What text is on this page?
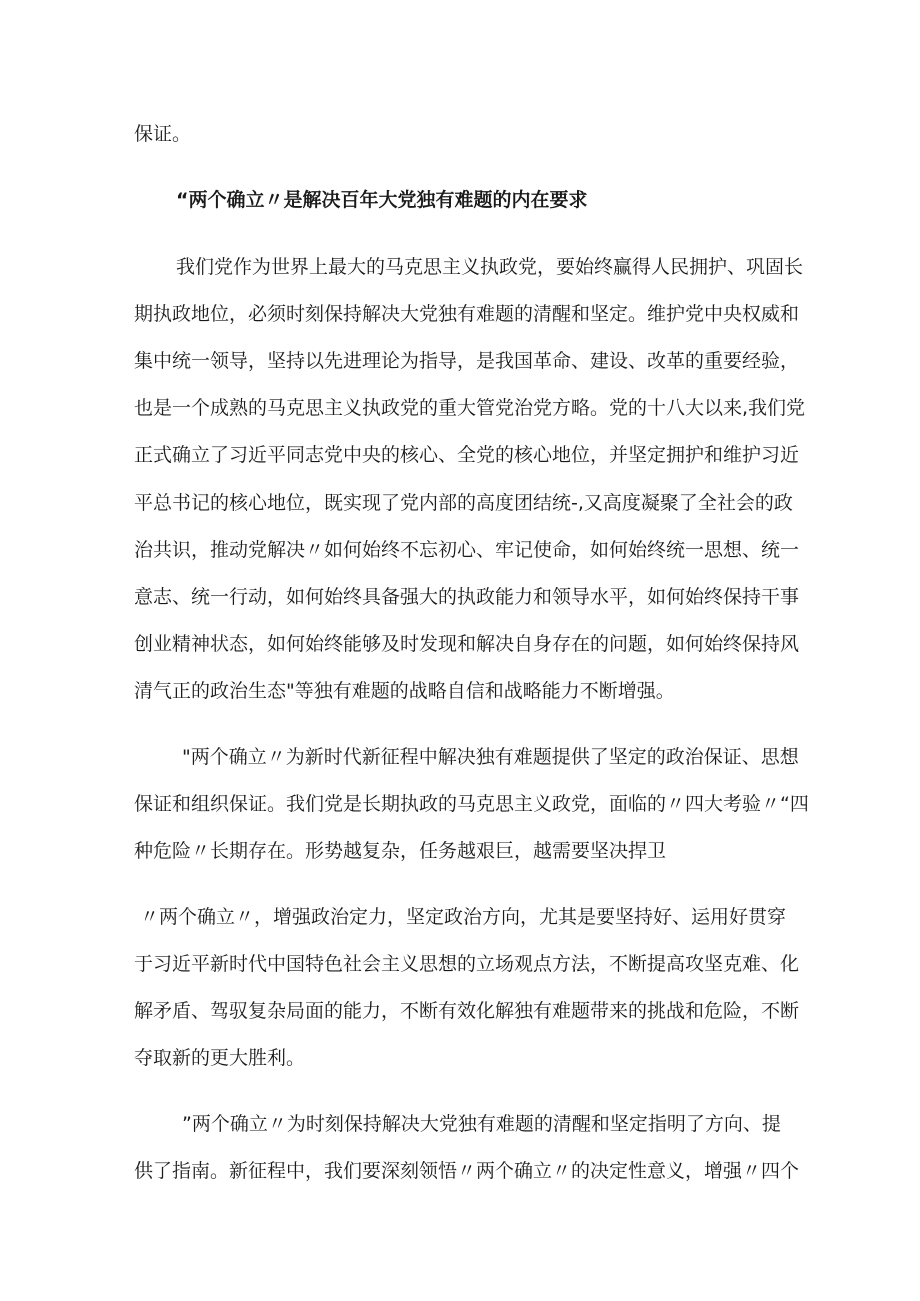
保证。
“两个确立〃是解决百年大党独有难题的内在要求
我们党作为世界上最大的马克思主义执政党，要始终赢得人民拥护、巩固长
期执政地位，必须时刻保持解决大党独有难题的清醒和坚定。维护党中央权威和
集中统一领导，坚持以先进理论为指导，是我国革命、建设、改革的重要经验，
也是一个成熟的马克思主义执政党的重大管党治党方略。党的十八大以来,我们党
正式确立了习近平同志党中央的核心、全党的核心地位，并坚定拥护和维护习近
平总书记的核心地位，既实现了党内部的高度团结统-,又高度凝聚了全社会的政
治共识，推动党解决〃如何始终不忘初心、牢记使命，如何始终统一思想、统一
意志、统一行动，如何始终具备强大的执政能力和领导水平，如何始终保持干事
创业精神状态，如何始终能够及时发现和解决自身存在的问题，如何始终保持风
清气正的政治生态"等独有难题的战略自信和战略能力不断增强。
"两个确立〃为新时代新征程中解决独有难题提供了坚定的政治保证、思想
保证和组织保证。我们党是长期执政的马克思主义政党，面临的〃四大考验〃“四
种危险〃长期存在。形势越复杂，任务越艰巨，越需要坚决捍卫
〃两个确立〃，增强政治定力，坚定政治方向，尤其是要坚持好、运用好贯穿
于习近平新时代中国特色社会主义思想的立场观点方法，不断提高攻坚克难、化
解矛盾、驾驭复杂局面的能力，不断有效化解独有难题带来的挑战和危险，不断
夺取新的更大胜利。
”两个确立〃为时刻保持解决大党独有难题的清醒和坚定指明了方向、提
供了指南。新征程中，我们要深刻领悟〃两个确立〃的决定性意义，增强〃四个
